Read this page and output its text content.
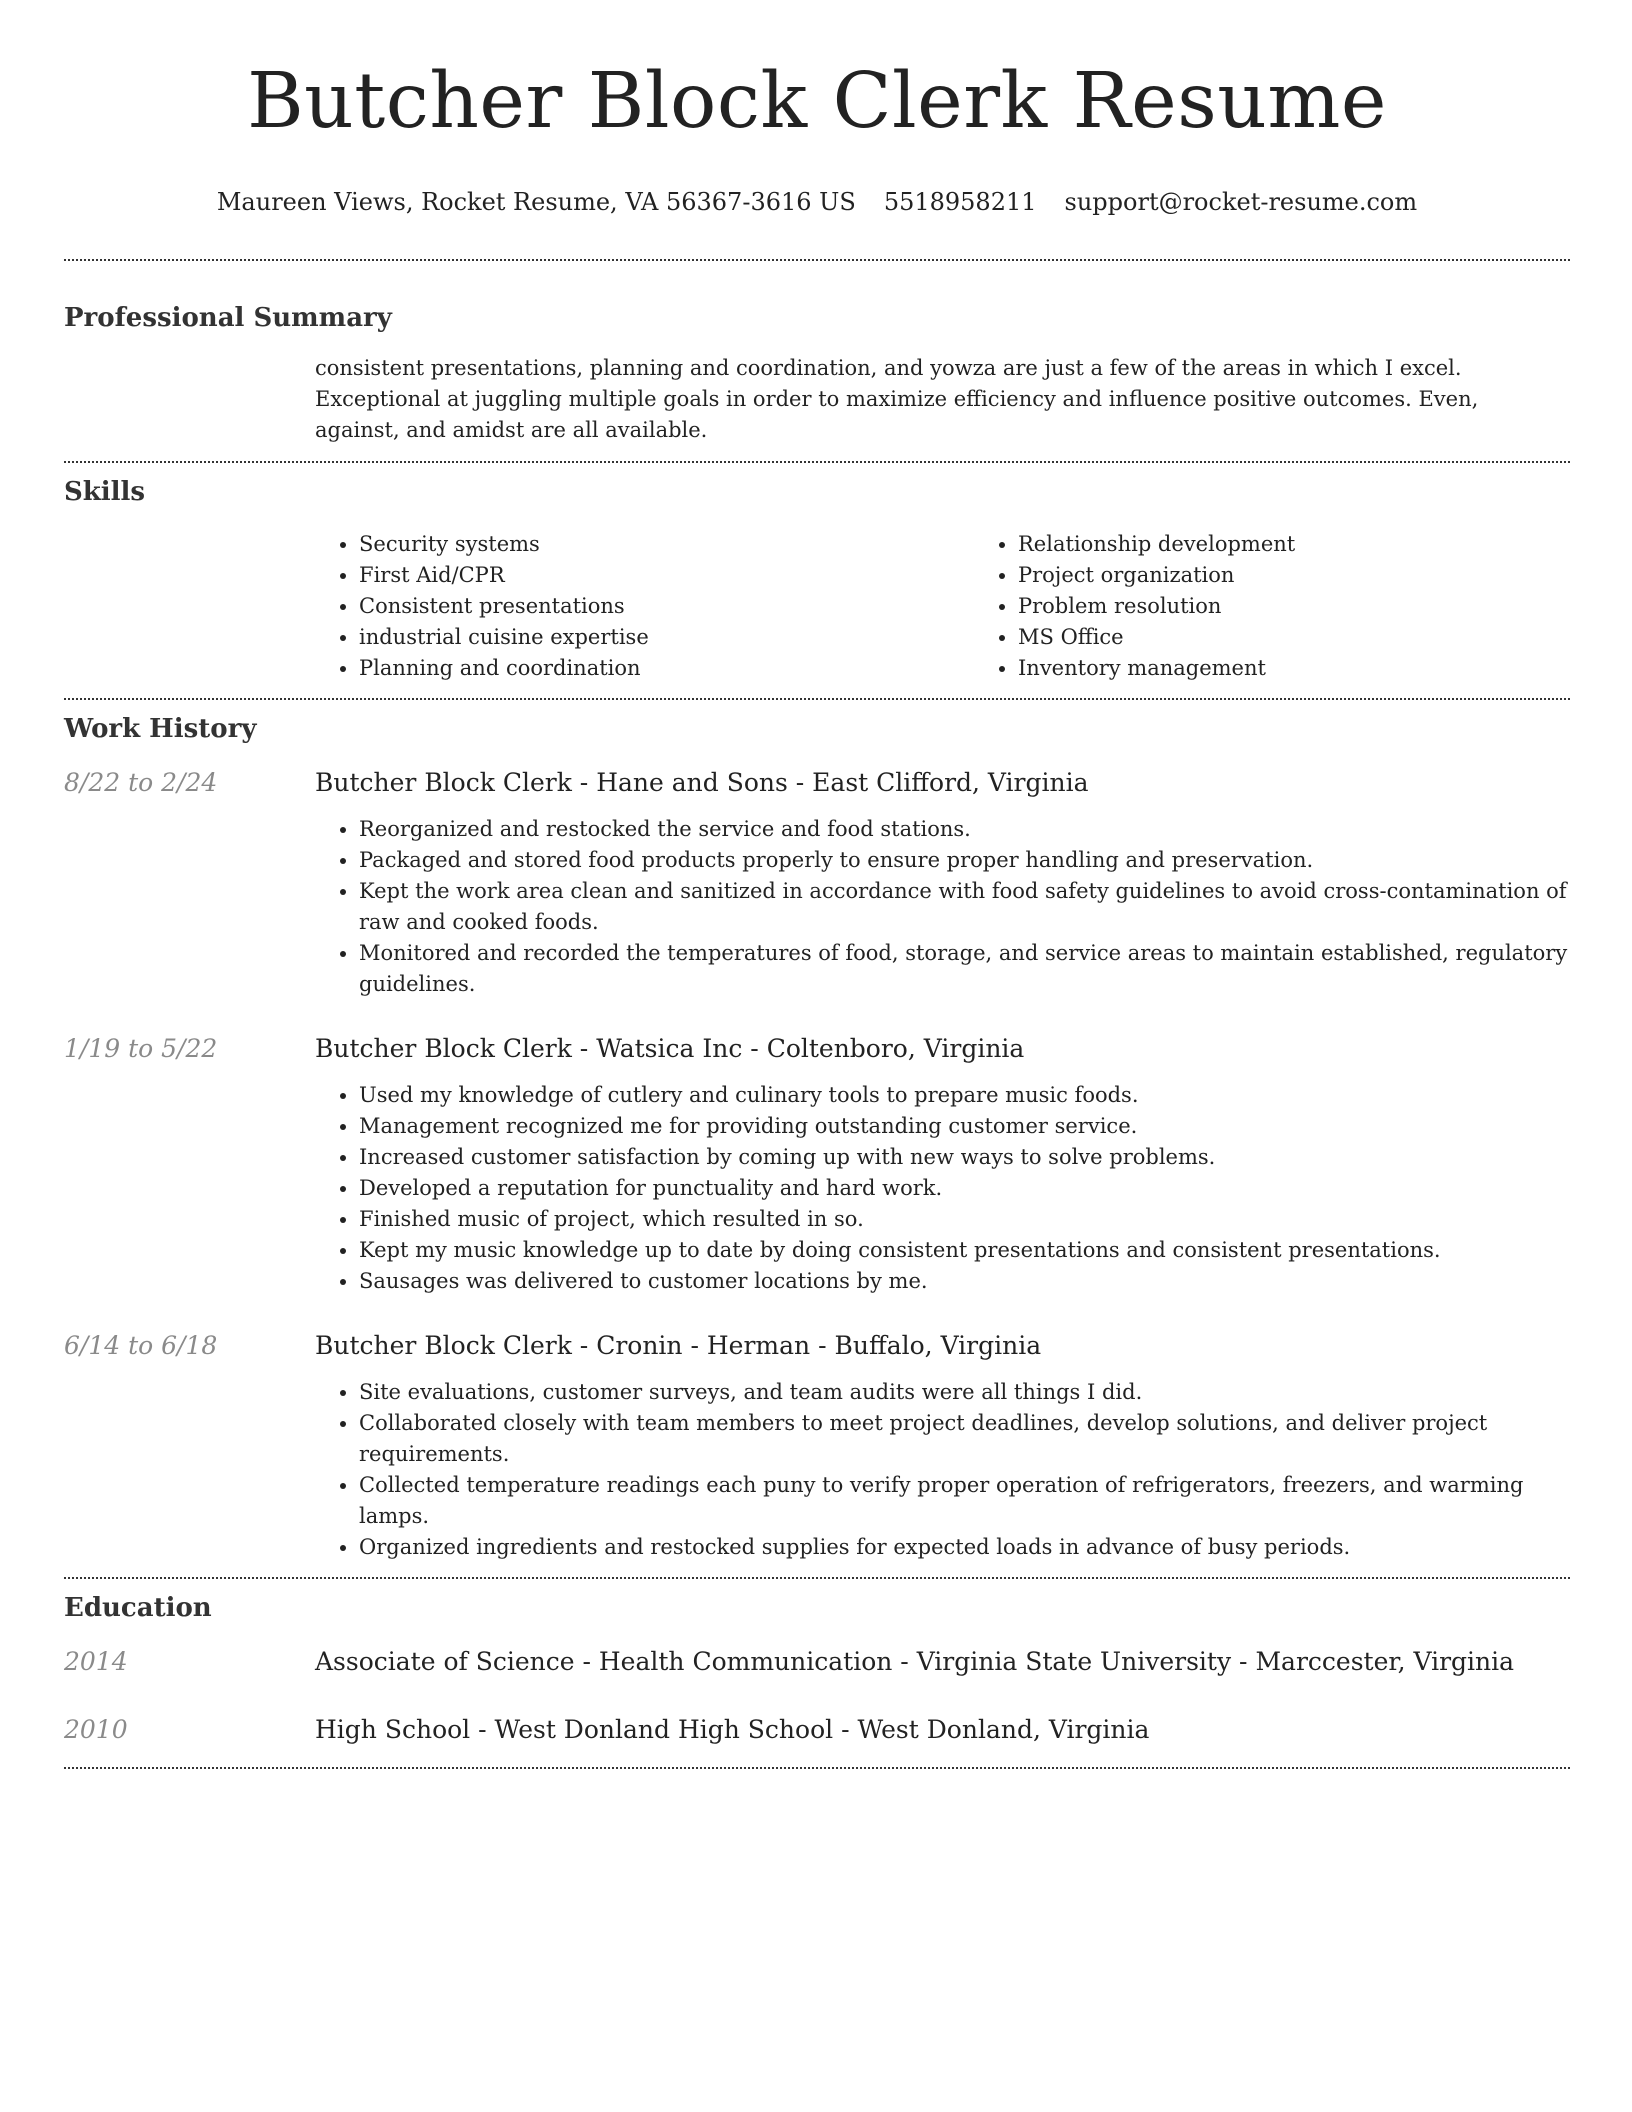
Butcher Block Clerk Resume
Maureen Views, Rocket Resume, VA 56367-3616 US 5518958211 support@rocket-resume.com
Professional Summary

consistent presentations, planning and coordination, and yowza are just a few of the areas in which I excel. Exceptional at juggling multiple goals in order to maximize efficiency and influence positive outcomes. Even, against, and amidst are all available.

Skills
• Security systems
• First Aid/CPR
• Consistent presentations
• industrial cuisine expertise
• Planning and coordination
• Relationship development
• Project organization
• Problem resolution
• MS Office
• Inventory management
Work History
8/22 to 2/24	Butcher Block Clerk - Hane and Sons - East Clifford, Virginia
• Reorganized and restocked the service and food stations.
• Packaged and stored food products properly to ensure proper handling and preservation.
• Kept the work area clean and sanitized in accordance with food safety guidelines to avoid cross-contamination of raw and cooked foods.
• Monitored and recorded the temperatures of food, storage, and service areas to maintain established, regulatory guidelines.
1/19 to 5/22	Butcher Block Clerk - Watsica Inc - Coltenboro, Virginia
• Used my knowledge of cutlery and culinary tools to prepare music foods.
• Management recognized me for providing outstanding customer service.
• Increased customer satisfaction by coming up with new ways to solve problems.
• Developed a reputation for punctuality and hard work.
• Finished music of project, which resulted in so.
• Kept my music knowledge up to date by doing consistent presentations and consistent presentations.
• Sausages was delivered to customer locations by me.
6/14 to 6/18	Butcher Block Clerk - Cronin - Herman - Buffalo, Virginia
• Site evaluations, customer surveys, and team audits were all things I did.
• Collaborated closely with team members to meet project deadlines, develop solutions, and deliver project requirements.
• Collected temperature readings each puny to verify proper operation of refrigerators, freezers, and warming lamps.
• Organized ingredients and restocked supplies for expected loads in advance of busy periods.
Education
2014	Associate of Science - Health Communication - Virginia State University - Marccester, Virginia
2010	High School - West Donland High School - West Donland, Virginia
